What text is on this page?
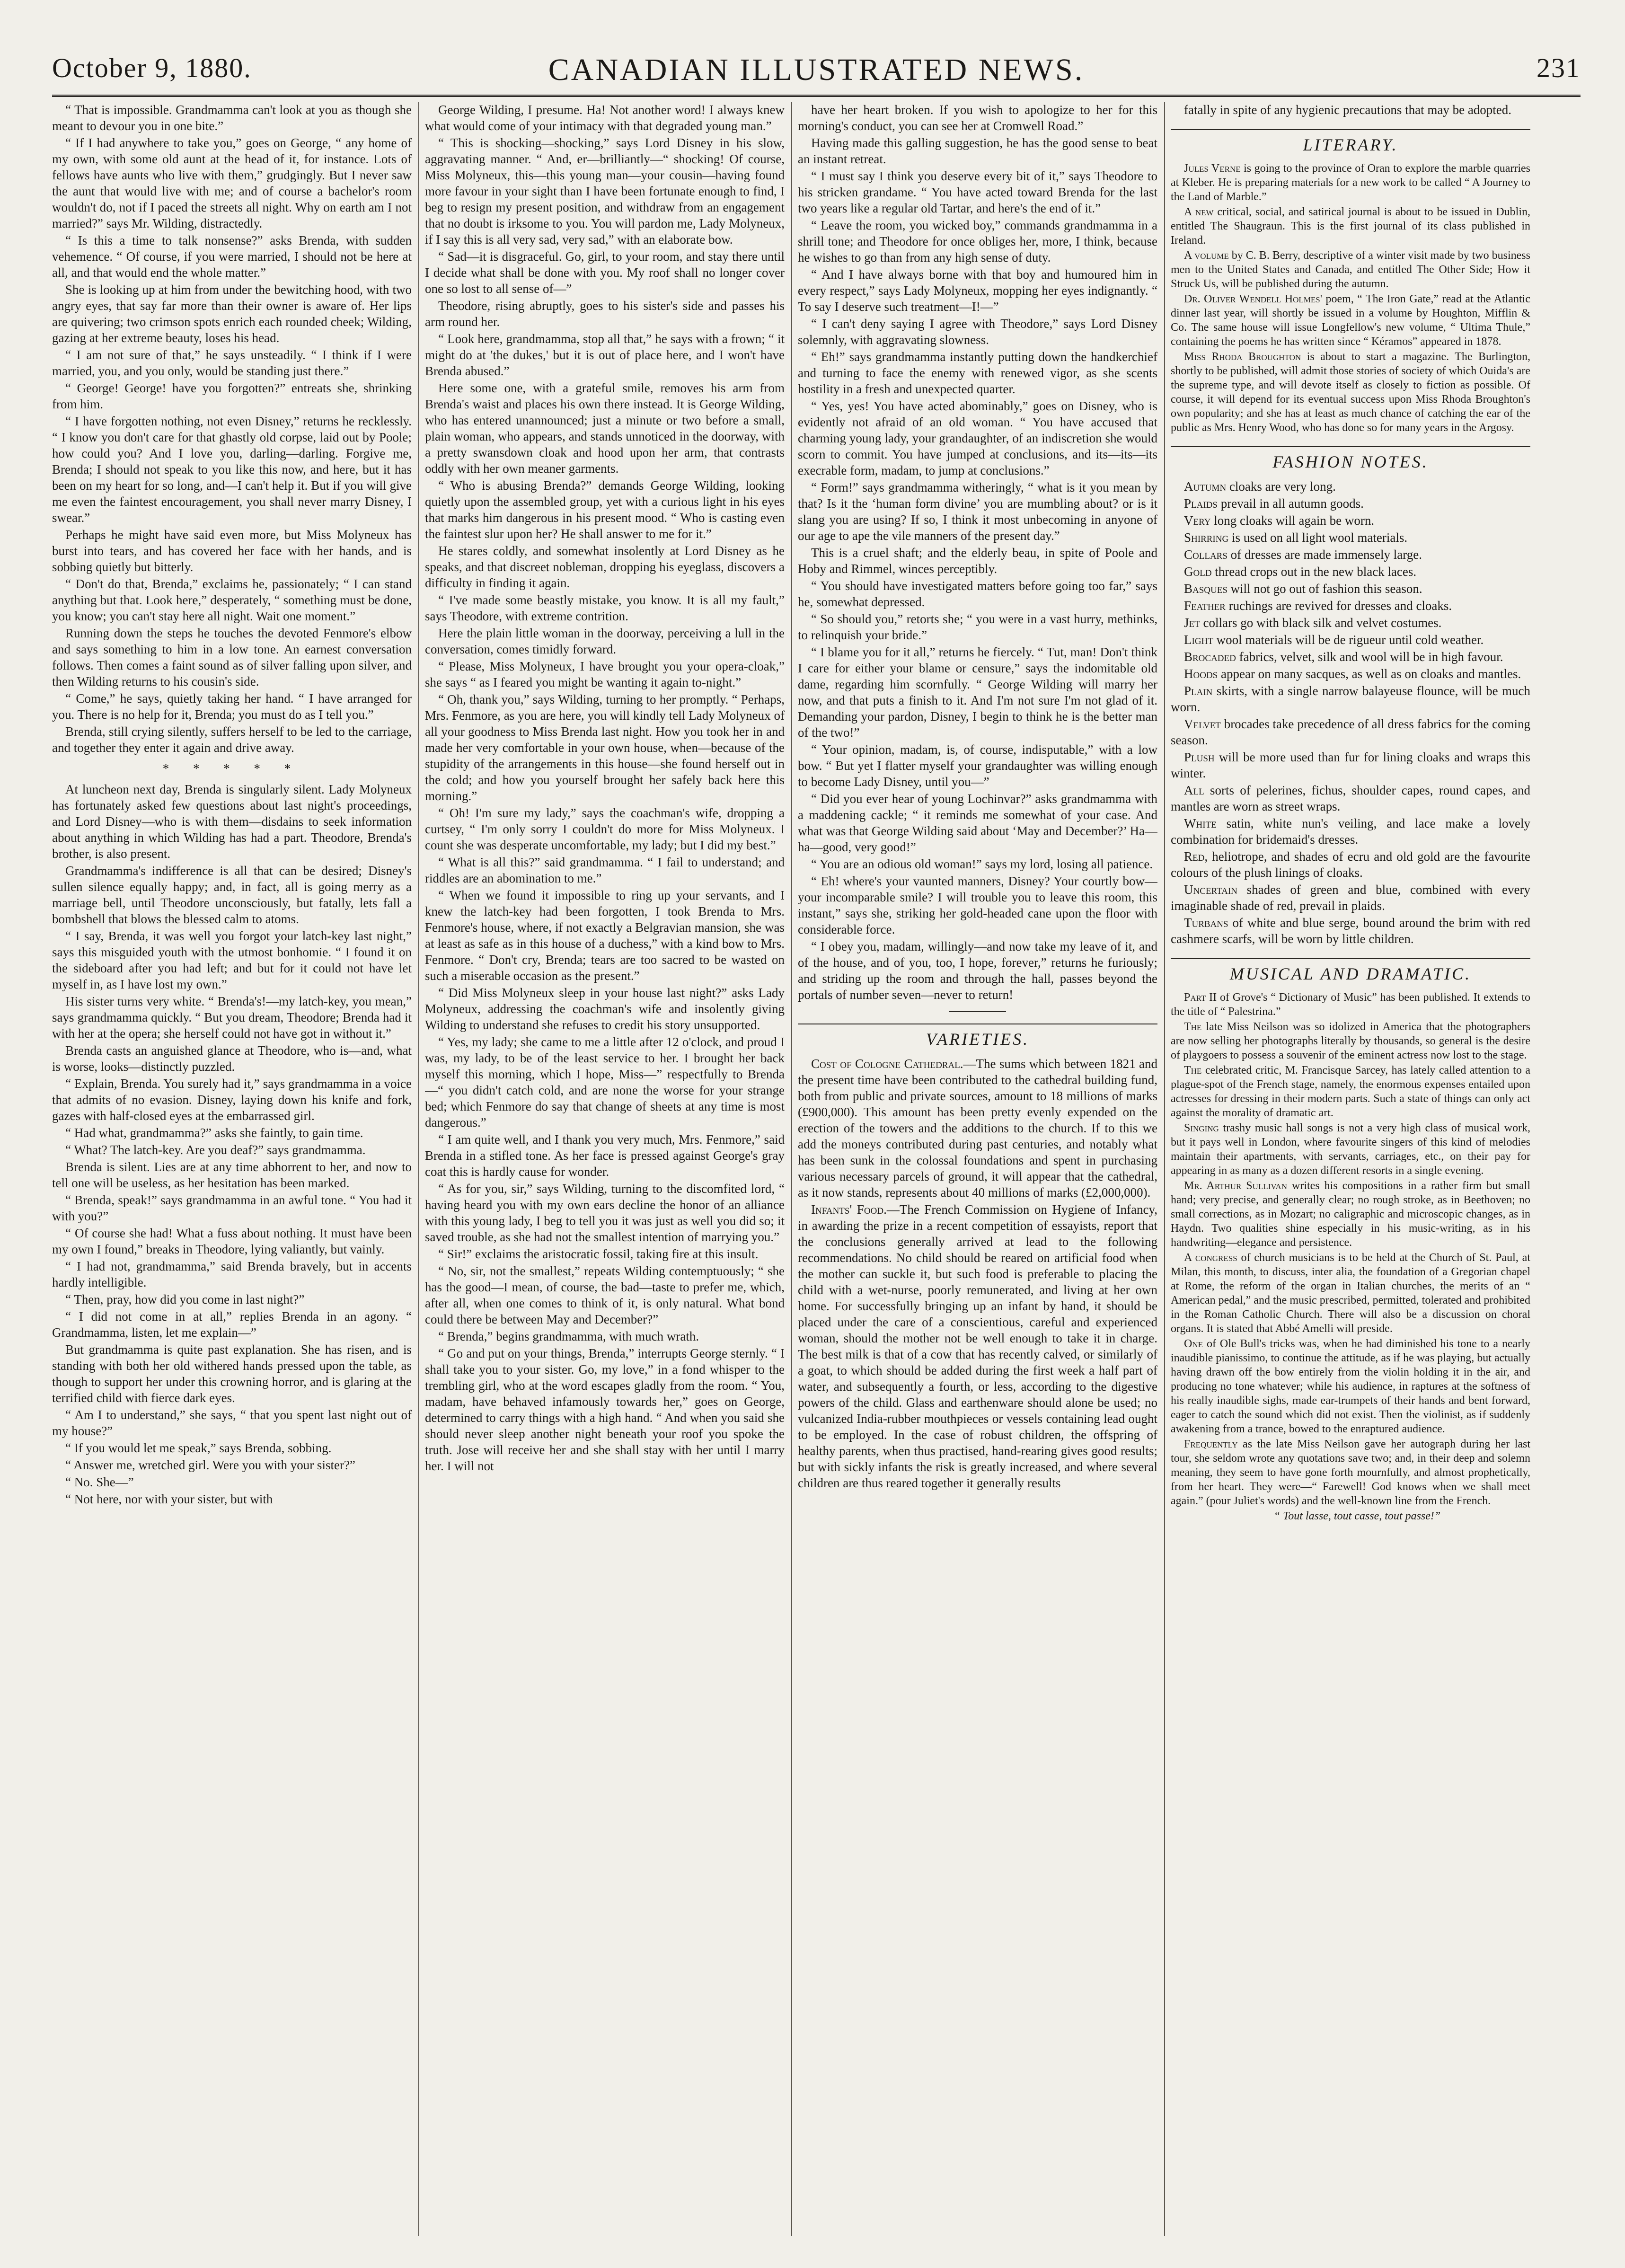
October 9, 1880.	CANADIAN ILLUSTRATED NEWS.	231

“ That is impossible. Grandmamma can't look at you as though she meant to devour you in one bite.”

“ If I had anywhere to take you,” goes on George, “ any home of my own, with some old aunt at the head of it, for instance. Lots of fellows have aunts who live with them,” grudgingly. But I never saw the aunt that would live with me; and of course a bachelor's room wouldn't do, not if I paced the streets all night. Why on earth am I not married?” says Mr. Wilding, distractedly.

“ Is this a time to talk nonsense?” asks Brenda, with sudden vehemence. “ Of course, if you were married, I should not be here at all, and that would end the whole matter.”

She is looking up at him from under the bewitching hood, with two angry eyes, that say far more than their owner is aware of. Her lips are quivering; two crimson spots enrich each rounded cheek; Wilding, gazing at her extreme beauty, loses his head.

“ I am not sure of that,” he says unsteadily. “ I think if I were married, you, and you only, would be standing just there.”

“ George! George! have you forgotten?” entreats she, shrinking from him.

“ I have forgotten nothing, not even Disney,” returns he recklessly. “ I know you don't care for that ghastly old corpse, laid out by Poole; how could you? And I love you, darling—darling. Forgive me, Brenda; I should not speak to you like this now, and here, but it has been on my heart for so long, and—I can't help it. But if you will give me even the faintest encouragement, you shall never marry Disney, I swear.”

Perhaps he might have said even more, but Miss Molyneux has burst into tears, and has covered her face with her hands, and is sobbing quietly but bitterly.

“ Don't do that, Brenda,” exclaims he, passionately; “ I can stand anything but that. Look here,” desperately, “ something must be done, you know; you can't stay here all night. Wait one moment.”

Running down the steps he touches the devoted Fenmore's elbow and says something to him in a low tone. An earnest conversation follows. Then comes a faint sound as of silver falling upon silver, and then Wilding returns to his cousin's side.

“ Come,” he says, quietly taking her hand. “ I have arranged for you. There is no help for it, Brenda; you must do as I tell you.”

Brenda, still crying silently, suffers herself to be led to the carriage, and together they enter it again and drive away.

* * * * *

At luncheon next day, Brenda is singularly silent. Lady Molyneux has fortunately asked few questions about last night's proceedings, and Lord Disney—who is with them—disdains to seek information about anything in which Wilding has had a part. Theodore, Brenda's brother, is also present.

Grandmamma's indifference is all that can be desired; Disney's sullen silence equally happy; and, in fact, all is going merry as a marriage bell, until Theodore unconsciously, but fatally, lets fall a bombshell that blows the blessed calm to atoms.

“ I say, Brenda, it was well you forgot your latch-key last night,” says this misguided youth with the utmost bonhomie. “ I found it on the sideboard after you had left; and but for it could not have let myself in, as I have lost my own.”

His sister turns very white. “ Brenda's!—my latch-key, you mean,” says grandmamma quickly. “ But you dream, Theodore; Brenda had it with her at the opera; she herself could not have got in without it.”

Brenda casts an anguished glance at Theodore, who is—and, what is worse, looks—distinctly puzzled.

“ Explain, Brenda. You surely had it,” says grandmamma in a voice that admits of no evasion. Disney, laying down his knife and fork, gazes with half-closed eyes at the embarrassed girl.

“ Had what, grandmamma?” asks she faintly, to gain time.

“ What? The latch-key. Are you deaf?” says grandmamma.

Brenda is silent. Lies are at any time abhorrent to her, and now to tell one will be useless, as her hesitation has been marked.

“ Brenda, speak!” says grandmamma in an awful tone. “ You had it with you?”

“ Of course she had! What a fuss about nothing. It must have been my own I found,” breaks in Theodore, lying valiantly, but vainly.

“ I had not, grandmamma,” said Brenda bravely, but in accents hardly intelligible.

“ Then, pray, how did you come in last night?”

“ I did not come in at all,” replies Brenda in an agony. “ Grandmamma, listen, let me explain—”

But grandmamma is quite past explanation. She has risen, and is standing with both her old withered hands pressed upon the table, as though to support her under this crowning horror, and is glaring at the terrified child with fierce dark eyes.

“ Am I to understand,” she says, “ that you spent last night out of my house?”

“ If you would let me speak,” says Brenda, sobbing.

“ Answer me, wretched girl. Were you with your sister?”

“ No. She—”

“ Not here, nor with your sister, but with

George Wilding, I presume. Ha! Not another word! I always knew what would come of your intimacy with that degraded young man.”

“ This is shocking—shocking,” says Lord Disney in his slow, aggravating manner. “ And, er—brilliantly—“ shocking! Of course, Miss Molyneux, this—this young man—your cousin—having found more favour in your sight than I have been fortunate enough to find, I beg to resign my present position, and withdraw from an engagement that no doubt is irksome to you. You will pardon me, Lady Molyneux, if I say this is all very sad, very sad,” with an elaborate bow.

“ Sad—it is disgraceful. Go, girl, to your room, and stay there until I decide what shall be done with you. My roof shall no longer cover one so lost to all sense of—”

Theodore, rising abruptly, goes to his sister's side and passes his arm round her.

“ Look here, grandmamma, stop all that,” he says with a frown; “ it might do at 'the dukes,' but it is out of place here, and I won't have Brenda abused.”

Here some one, with a grateful smile, removes his arm from Brenda's waist and places his own there instead. It is George Wilding, who has entered unannounced; just a minute or two before a small, plain woman, who appears, and stands unnoticed in the doorway, with a pretty swansdown cloak and hood upon her arm, that contrasts oddly with her own meaner garments.

“ Who is abusing Brenda?” demands George Wilding, looking quietly upon the assembled group, yet with a curious light in his eyes that marks him dangerous in his present mood. “ Who is casting even the faintest slur upon her? He shall answer to me for it.”

He stares coldly, and somewhat insolently at Lord Disney as he speaks, and that discreet nobleman, dropping his eyeglass, discovers a difficulty in finding it again.

“ I've made some beastly mistake, you know. It is all my fault,” says Theodore, with extreme contrition.

Here the plain little woman in the doorway, perceiving a lull in the conversation, comes timidly forward.

“ Please, Miss Molyneux, I have brought you your opera-cloak,” she says “ as I feared you might be wanting it again to-night.”

“ Oh, thank you,” says Wilding, turning to her promptly. “ Perhaps, Mrs. Fenmore, as you are here, you will kindly tell Lady Molyneux of all your goodness to Miss Brenda last night. How you took her in and made her very comfortable in your own house, when—because of the stupidity of the arrangements in this house—she found herself out in the cold; and how you yourself brought her safely back here this morning.”

“ Oh! I'm sure my lady,” says the coachman's wife, dropping a curtsey, “ I'm only sorry I couldn't do more for Miss Molyneux. I count she was desperate uncomfortable, my lady; but I did my best.”

“ What is all this?” said grandmamma. “ I fail to understand; and riddles are an abomination to me.”

“ When we found it impossible to ring up your servants, and I knew the latch-key had been forgotten, I took Brenda to Mrs. Fenmore's house, where, if not exactly a Belgravian mansion, she was at least as safe as in this house of a duchess,” with a kind bow to Mrs. Fenmore. “ Don't cry, Brenda; tears are too sacred to be wasted on such a miserable occasion as the present.”

“ Did Miss Molyneux sleep in your house last night?” asks Lady Molyneux, addressing the coachman's wife and insolently giving Wilding to understand she refuses to credit his story unsupported.

“ Yes, my lady; she came to me a little after 12 o'clock, and proud I was, my lady, to be of the least service to her. I brought her back myself this morning, which I hope, Miss—” respectfully to Brenda—“ you didn't catch cold, and are none the worse for your strange bed; which Fenmore do say that change of sheets at any time is most dangerous.”

“ I am quite well, and I thank you very much, Mrs. Fenmore,” said Brenda in a stifled tone. As her face is pressed against George's gray coat this is hardly cause for wonder.

“ As for you, sir,” says Wilding, turning to the discomfited lord, “ having heard you with my own ears decline the honor of an alliance with this young lady, I beg to tell you it was just as well you did so; it saved trouble, as she had not the smallest intention of marrying you.”

“ Sir!” exclaims the aristocratic fossil, taking fire at this insult.

“ No, sir, not the smallest,” repeats Wilding contemptuously; “ she has the good—I mean, of course, the bad—taste to prefer me, which, after all, when one comes to think of it, is only natural. What bond could there be between May and December?”

“ Brenda,” begins grandmamma, with much wrath.

“ Go and put on your things, Brenda,” interrupts George sternly. “ I shall take you to your sister. Go, my love,” in a fond whisper to the trembling girl, who at the word escapes gladly from the room. “ You, madam, have behaved infamously towards her,” goes on George, determined to carry things with a high hand. “ And when you said she should never sleep another night beneath your roof you spoke the truth. Jose will receive her and she shall stay with her until I marry her. I will not

have her heart broken. If you wish to apologize to her for this morning's conduct, you can see her at Cromwell Road.”

Having made this galling suggestion, he has the good sense to beat an instant retreat.

“ I must say I think you deserve every bit of it,” says Theodore to his stricken grandame. “ You have acted toward Brenda for the last two years like a regular old Tartar, and here's the end of it.”

“ Leave the room, you wicked boy,” commands grandmamma in a shrill tone; and Theodore for once obliges her, more, I think, because he wishes to go than from any high sense of duty.

“ And I have always borne with that boy and humoured him in every respect,” says Lady Molyneux, mopping her eyes indignantly. “ To say I deserve such treatment—I!—”

“ I can't deny saying I agree with Theodore,” says Lord Disney solemnly, with aggravating slowness.

“ Eh!” says grandmamma instantly putting down the handkerchief and turning to face the enemy with renewed vigor, as she scents hostility in a fresh and unexpected quarter.

“ Yes, yes! You have acted abominably,” goes on Disney, who is evidently not afraid of an old woman. “ You have accused that charming young lady, your grandaughter, of an indiscretion she would scorn to commit. You have jumped at conclusions, and its—its—its execrable form, madam, to jump at conclusions.”

“ Form!” says grandmamma witheringly, “ what is it you mean by that? Is it the ‘human form divine’ you are mumbling about? or is it slang you are using? If so, I think it most unbecoming in anyone of our age to ape the vile manners of the present day.”

This is a cruel shaft; and the elderly beau, in spite of Poole and Hoby and Rimmel, winces perceptibly.

“ You should have investigated matters before going too far,” says he, somewhat depressed.

“ So should you,” retorts she; “ you were in a vast hurry, methinks, to relinquish your bride.”

“ I blame you for it all,” returns he fiercely. “ Tut, man! Don't think I care for either your blame or censure,” says the indomitable old dame, regarding him scornfully. “ George Wilding will marry her now, and that puts a finish to it. And I'm not sure I'm not glad of it. Demanding your pardon, Disney, I begin to think he is the better man of the two!”

“ Your opinion, madam, is, of course, indisputable,” with a low bow. “ But yet I flatter myself your grandaughter was willing enough to become Lady Disney, until you—”

“ Did you ever hear of young Lochinvar?” asks grandmamma with a maddening cackle; “ it reminds me somewhat of your case. And what was that George Wilding said about ‘May and December?’ Ha—ha—good, very good!”

“ You are an odious old woman!” says my lord, losing all patience.

“ Eh! where's your vaunted manners, Disney? Your courtly bow—your incomparable smile? I will trouble you to leave this room, this instant,” says she, striking her gold-headed cane upon the floor with considerable force.

“ I obey you, madam, willingly—and now take my leave of it, and of the house, and of you, too, I hope, forever,” returns he furiously; and striding up the room and through the hall, passes beyond the portals of number seven—never to return!

VARIETIES.

Cost of Cologne Cathedral.—The sums which between 1821 and the present time have been contributed to the cathedral building fund, both from public and private sources, amount to 18 millions of marks (£900,000). This amount has been pretty evenly expended on the erection of the towers and the additions to the church. If to this we add the moneys contributed during past centuries, and notably what has been sunk in the colossal foundations and spent in purchasing various necessary parcels of ground, it will appear that the cathedral, as it now stands, represents about 40 millions of marks (£2,000,000).

Infants' Food.—The French Commission on Hygiene of Infancy, in awarding the prize in a recent competition of essayists, report that the conclusions generally arrived at lead to the following recommendations. No child should be reared on artificial food when the mother can suckle it, but such food is preferable to placing the child with a wet-nurse, poorly remunerated, and living at her own home. For successfully bringing up an infant by hand, it should be placed under the care of a conscientious, careful and experienced woman, should the mother not be well enough to take it in charge. The best milk is that of a cow that has recently calved, or similarly of a goat, to which should be added during the first week a half part of water, and subsequently a fourth, or less, according to the digestive powers of the child. Glass and earthenware should alone be used; no vulcanized India-rubber mouthpieces or vessels containing lead ought to be employed. In the case of robust children, the offspring of healthy parents, when thus practised, hand-rearing gives good results; but with sickly infants the risk is greatly increased, and where several children are thus reared together it generally results

fatally in spite of any hygienic precautions that may be adopted.

LITERARY.

Jules Verne is going to the province of Oran to explore the marble quarries at Kleber. He is preparing materials for a new work to be called “ A Journey to the Land of Marble.”

A new critical, social, and satirical journal is about to be issued in Dublin, entitled The Shaugraun. This is the first journal of its class published in Ireland.

A volume by C. B. Berry, descriptive of a winter visit made by two business men to the United States and Canada, and entitled The Other Side; How it Struck Us, will be published during the autumn.

Dr. Oliver Wendell Holmes' poem, “ The Iron Gate,” read at the Atlantic dinner last year, will shortly be issued in a volume by Houghton, Mifflin & Co. The same house will issue Longfellow's new volume, “ Ultima Thule,” containing the poems he has written since “ Kéramos” appeared in 1878.

Miss Rhoda Broughton is about to start a magazine. The Burlington, shortly to be published, will admit those stories of society of which Ouida's are the supreme type, and will devote itself as closely to fiction as possible. Of course, it will depend for its eventual success upon Miss Rhoda Broughton's own popularity; and she has at least as much chance of catching the ear of the public as Mrs. Henry Wood, who has done so for many years in the Argosy.

FASHION NOTES.

Autumn cloaks are very long.

Plaids prevail in all autumn goods.

Very long cloaks will again be worn.

Shirring is used on all light wool materials.

Collars of dresses are made immensely large.

Gold thread crops out in the new black laces.

Basques will not go out of fashion this season.

Feather ruchings are revived for dresses and cloaks.

Jet collars go with black silk and velvet costumes.

Light wool materials will be de rigueur until cold weather.

Brocaded fabrics, velvet, silk and wool will be in high favour.

Hoods appear on many sacques, as well as on cloaks and mantles.

Plain skirts, with a single narrow balayeuse flounce, will be much worn.

Velvet brocades take precedence of all dress fabrics for the coming season.

Plush will be more used than fur for lining cloaks and wraps this winter.

All sorts of pelerines, fichus, shoulder capes, round capes, and mantles are worn as street wraps.

White satin, white nun's veiling, and lace make a lovely combination for bridemaid's dresses.

Red, heliotrope, and shades of ecru and old gold are the favourite colours of the plush linings of cloaks.

Uncertain shades of green and blue, combined with every imaginable shade of red, prevail in plaids.

Turbans of white and blue serge, bound around the brim with red cashmere scarfs, will be worn by little children.

MUSICAL AND DRAMATIC.

Part II of Grove's “ Dictionary of Music” has been published. It extends to the title of “ Palestrina.”

The late Miss Neilson was so idolized in America that the photographers are now selling her photographs literally by thousands, so general is the desire of playgoers to possess a souvenir of the eminent actress now lost to the stage.

The celebrated critic, M. Francisque Sarcey, has lately called attention to a plague-spot of the French stage, namely, the enormous expenses entailed upon actresses for dressing in their modern parts. Such a state of things can only act against the morality of dramatic art.

Singing trashy music hall songs is not a very high class of musical work, but it pays well in London, where favourite singers of this kind of melodies maintain their apartments, with servants, carriages, etc., on their pay for appearing in as many as a dozen different resorts in a single evening.

Mr. Arthur Sullivan writes his compositions in a rather firm but small hand; very precise, and generally clear; no rough stroke, as in Beethoven; no small corrections, as in Mozart; no caligraphic and microscopic changes, as in Haydn. Two qualities shine especially in his music-writing, as in his handwriting—elegance and persistence.

A congress of church musicians is to be held at the Church of St. Paul, at Milan, this month, to discuss, inter alia, the foundation of a Gregorian chapel at Rome, the reform of the organ in Italian churches, the merits of an “ American pedal,” and the music prescribed, permitted, tolerated and prohibited in the Roman Catholic Church. There will also be a discussion on choral organs. It is stated that Abbé Amelli will preside.

One of Ole Bull's tricks was, when he had diminished his tone to a nearly inaudible pianissimo, to continue the attitude, as if he was playing, but actually having drawn off the bow entirely from the violin holding it in the air, and producing no tone whatever; while his audience, in raptures at the softness of his really inaudible sighs, made ear-trumpets of their hands and bent forward, eager to catch the sound which did not exist. Then the violinist, as if suddenly awakening from a trance, bowed to the enraptured audience.

Frequently as the late Miss Neilson gave her autograph during her last tour, she seldom wrote any quotations save two; and, in their deep and solemn meaning, they seem to have gone forth mournfully, and almost prophetically, from her heart. They were—“ Farewell! God knows when we shall meet again.” (pour Juliet's words) and the well-known line from the French.

“ Tout lasse, tout casse, tout passe!”
